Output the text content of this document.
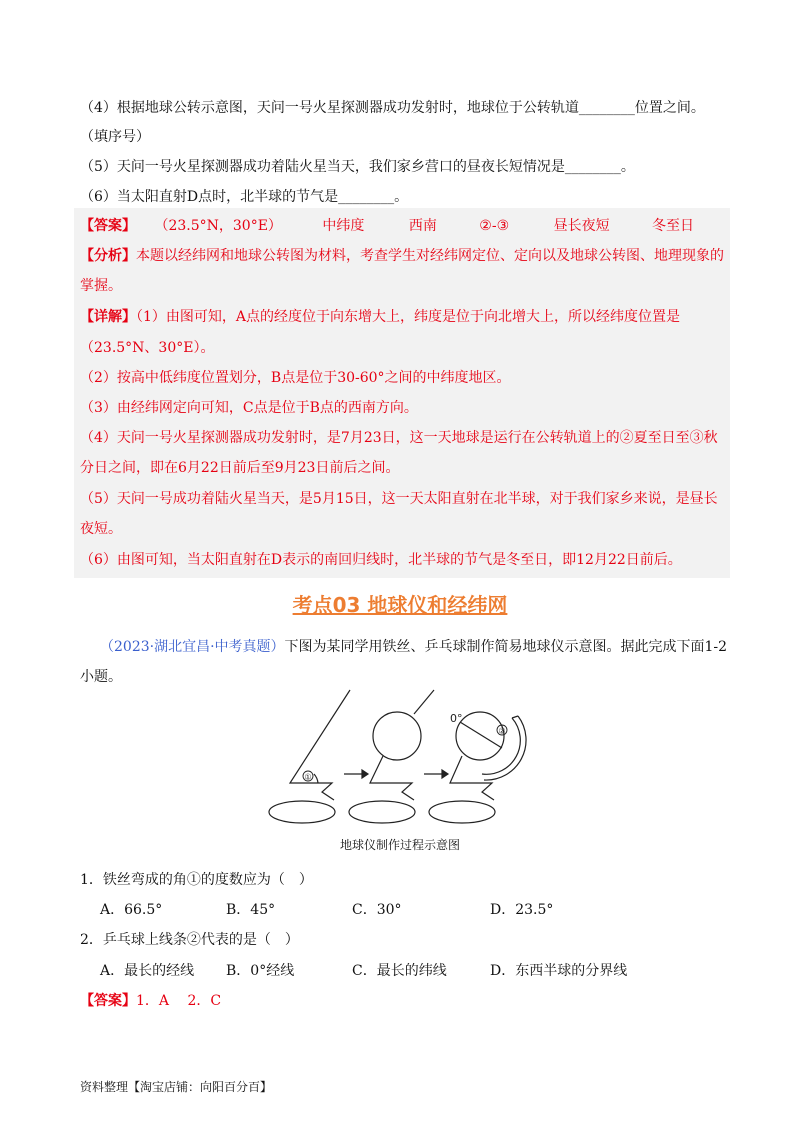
（4）根据地球公转示意图，天问一号火星探测器成功发射时，地球位于公转轨道________位置之间。
（填序号）
（5）天问一号火星探测器成功着陆火星当天，我们家乡营口的昼夜长短情况是________。
（6）当太阳直射D点时，北半球的节气是________。
【答案】 （23.5°N，30°E）	中纬度	西南	②-③	昼长夜短	冬至日
【分析】本题以经纬网和地球公转图为材料，考查学生对经纬网定位、定向以及地球公转图、地理现象的
掌握。
【详解】（1）由图可知，A点的经度位于向东增大上，纬度是位于向北增大上，所以经纬度位置是
（23.5°N、30°E）。
（2）按高中低纬度位置划分，B点是位于30-60°之间的中纬度地区。
（3）由经纬网定向可知，C点是位于B点的西南方向。
（4）天问一号火星探测器成功发射时，是7月23日，这一天地球是运行在公转轨道上的②夏至日至③秋
分日之间，即在6月22日前后至9月23日前后之间。
（5）天问一号成功着陆火星当天，是5月15日，这一天太阳直射在北半球，对于我们家乡来说，是昼长
夜短。
（6）由图可知，当太阳直射在D表示的南回归线时，北半球的节气是冬至日，即12月22日前后。
考点03 地球仪和经纬网
（2023·湖北宜昌·中考真题）下图为某同学用铁丝、乒乓球制作简易地球仪示意图。据此完成下面1-2
小题。
①
②
0°
地球仪制作过程示意图
1．铁丝弯成的角①的度数应为（　）
A．66.5°	B．45°	C．30°	D．23.5°
2．乒乓球上线条②代表的是（　）
A．最长的经线 B．0°经线	C．最长的纬线	D．东西半球的分界线
【答案】1．A　 2．C
资料整理【淘宝店铺：向阳百分百】
